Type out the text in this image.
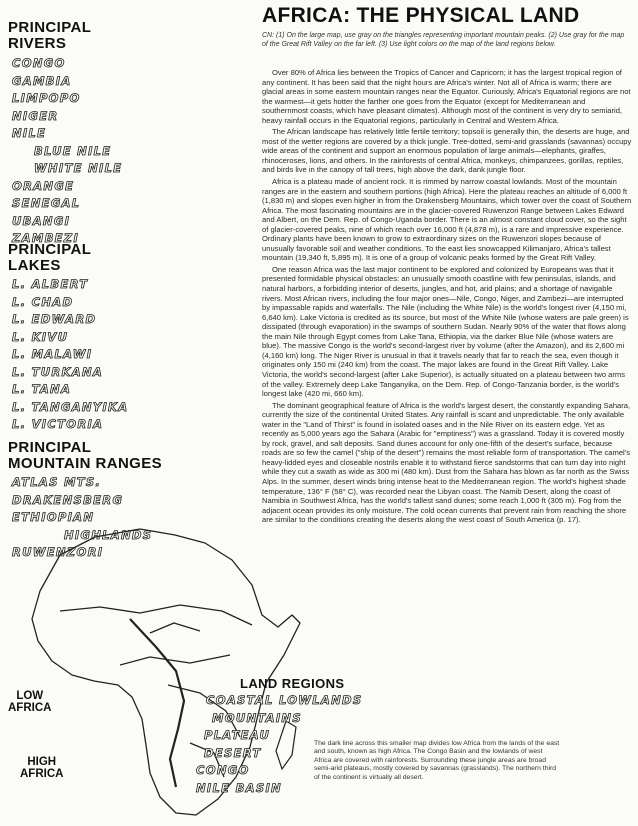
AFRICA: THE PHYSICAL LAND
CN: (1) On the large map, use gray on the triangles representing important mountain peaks. (2) Use gray for the map of the Great Rift Valley on the far left. (3) Use light colors on the map of the land regions below.
PRINCIPAL
RIVERS
CONGO
GAMBIA
LIMPOPO
NIGER
NILE
BLUE NILE
WHITE NILE
ORANGE
SENEGAL
UBANGI
ZAMBEZI
PRINCIPAL
LAKES
L. ALBERT
L. CHAD
L. EDWARD
L. KIVU
L. MALAWI
L. TURKANA
L. TANA
L. TANGANYIKA
L. VICTORIA
PRINCIPAL
MOUNTAIN RANGES
ATLAS MTS.
DRAKENSBERG
ETHIOPIAN
HIGHLANDS
RUWENZORI

Over 80% of Africa lies between the Tropics of Cancer and Capricorn; it has the largest tropical region of any continent. It has been said that the night hours are Africa's winter. Not all of Africa is warm; there are glacial areas in some eastern mountain ranges near the Equator. Curiously, Africa's Equatorial regions are not the warmest—it gets hotter the farther one goes from the Equator (except for Mediterranean and southernmost coasts, which have pleasant climates). Although most of the continent is very dry to semiarid, heavy rainfall occurs in the Equatorial regions, particularly in Central and Western Africa.

The African landscape has relatively little fertile territory; topsoil is generally thin, the deserts are huge, and most of the wetter regions are covered by a thick jungle. Tree-dotted, semi-arid grasslands (savannas) occupy wide areas of the continent and support an enormous population of large animals—elephants, giraffes, rhinoceroses, lions, and others. In the rainforests of central Africa, monkeys, chimpanzees, gorillas, reptiles, and birds live in the canopy of tall trees, high above the dark, dank jungle floor.

Africa is a plateau made of ancient rock. It is rimmed by narrow coastal lowlands. Most of the mountain ranges are in the eastern and southern portions (high Africa). Here the plateau reaches an altitude of 6,000 ft (1,830 m) and slopes even higher in from the Drakensberg Mountains, which tower over the coast of Southern Africa. The most fascinating mountains are in the glacier-covered Ruwenzori Range between Lakes Edward and Albert, on the Dem. Rep. of Congo-Uganda border. There is an almost constant cloud cover, so the sight of glacier-covered peaks, nine of which reach over 16,000 ft (4,878 m), is a rare and impressive experience. Ordinary plants have been known to grow to extraordinary sizes on the Ruwenzori slopes because of unusually favorable soil and weather conditions. To the east lies snowcapped Kilimanjaro, Africa's tallest mountain (19,340 ft, 5,895 m). It is one of a group of volcanic peaks formed by the Great Rift Valley.

One reason Africa was the last major continent to be explored and colonized by Europeans was that it presented formidable physical obstacles: an unusually smooth coastline with few peninsulas, islands, and natural harbors, a forbidding interior of deserts, jungles, and hot, arid plains; and a shortage of navigable rivers. Most African rivers, including the four major ones—Nile, Congo, Niger, and Zambezi—are interrupted by impassable rapids and waterfalls. The Nile (including the White Nile) is the world's longest river (4,150 mi, 6,640 km). Lake Victoria is credited as its source, but most of the White Nile (whose waters are pale green) is dissipated (through evaporation) in the swamps of southern Sudan. Nearly 90% of the water that flows along the main Nile through Egypt comes from Lake Tana, Ethiopia, via the darker Blue Nile (whose waters are blue). The massive Congo is the world's second-largest river by volume (after the Amazon), and its 2,600 mi (4,160 km) long. The Niger River is unusual in that it travels nearly that far to reach the sea, even though it originates only 150 mi (240 km) from the coast. The major lakes are found in the Great Rift Valley. Lake Victoria, the world's second-largest (after Lake Superior), is actually situated on a plateau between two arms of the valley. Extremely deep Lake Tanganyika, on the Dem. Rep. of Congo-Tanzania border, is the world's longest lake (420 mi, 660 km).

The dominant geographical feature of Africa is the world's largest desert, the constantly expanding Sahara, currently the size of the continental United States. Any rainfall is scant and unpredictable. The only available water in the "Land of Thirst" is found in isolated oases and in the Nile River on its eastern edge. Yet as recently as 5,000 years ago the Sahara (Arabic for "emptiness") was a grassland. Today it is covered mostly by rock, gravel, and salt deposits. Sand dunes account for only one-fifth of the desert's surface, because roads are so few the camel ("ship of the desert") remains the most reliable form of transportation. The camel's heavy-lidded eyes and closeable nostrils enable it to withstand fierce sandstorms that can turn day into night while they cut a swath as wide as 300 mi (480 km). Dust from the Sahara has blown as far north as the Swiss Alps. In the summer, desert winds bring intense heat to the Mediterranean region. The world's highest shade temperature, 136° F (58° C), was recorded near the Libyan coast. The Namib Desert, along the coast of Namibia in Southwest Africa, has the world's tallest sand dunes; some reach 1,000 ft (305 m). Fog from the adjacent ocean provides its only moisture. The cold ocean currents that prevent rain from reaching the shore are similar to the conditions creating the deserts along the west coast of South America (p. 17).

LOW
AFRICA
HIGH
AFRICA
LAND REGIONS
COASTAL LOWLANDS
MOUNTAINS
PLATEAU
DESERT
CONGO
NILE BASIN
The dark line across this smaller map divides low Africa from the lands of the east and south, known as high Africa. The Congo Basin and the lowlands of west Africa are covered with rainforests. Surrounding these jungle areas are broad semi-arid plateaus, mostly covered by savannas (grasslands). The northern third of the continent is virtually all desert.
